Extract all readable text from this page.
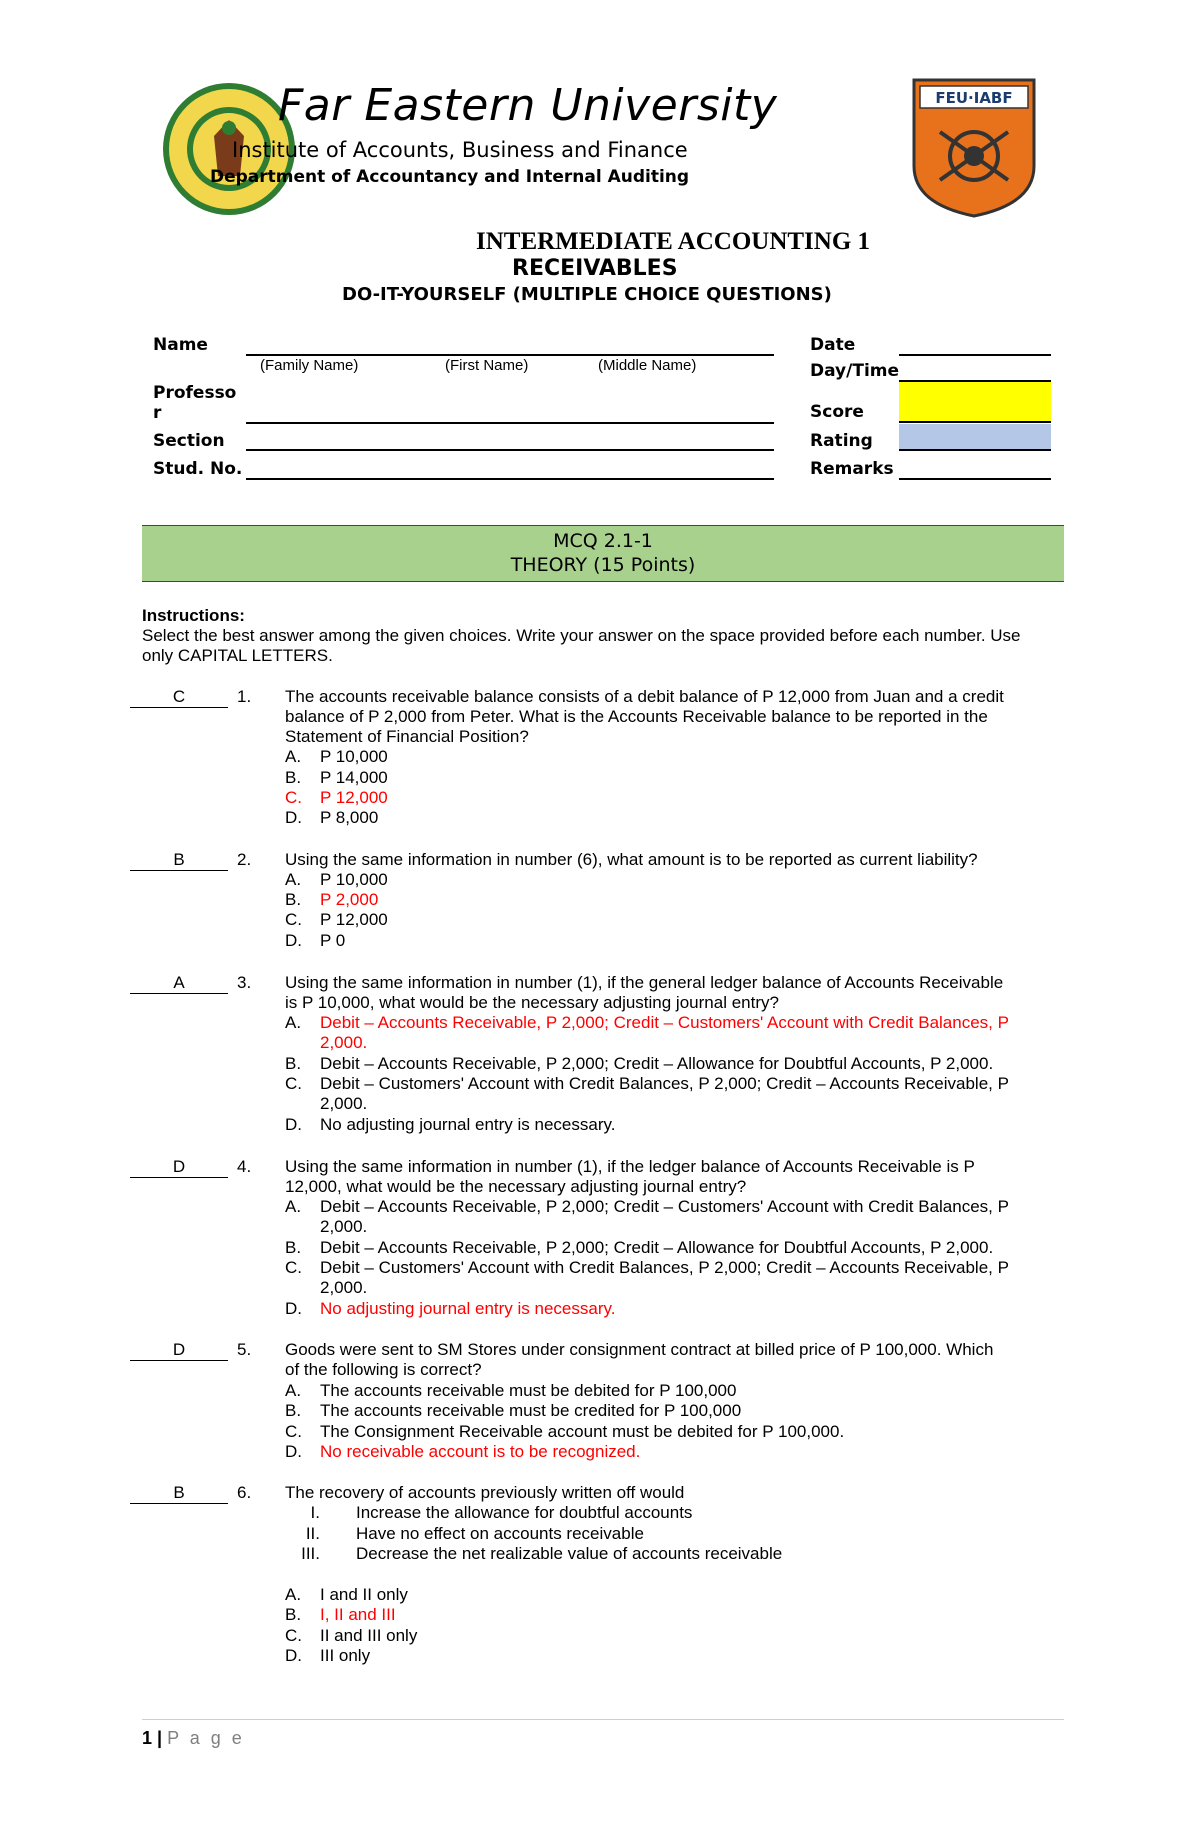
Far Eastern University
Institute of Accounts, Business and Finance
Department of Accountancy and Internal Auditing
FEU·IABF
INTERMEDIATE ACCOUNTING 1
RECEIVABLES
DO-IT-YOURSELF (MULTIPLE CHOICE QUESTIONS)
Name
(Family Name)	(First Name)	(Middle Name)
Professo
r
Section
Stud. No.
Date
Day/Time
Score
Rating
Remarks
MCQ 2.1-1
THEORY (15 Points)
Instructions:
Select the best answer among the given choices. Write your answer on the space provided before each number. Use
only CAPITAL LETTERS.
C	1. The accounts receivable balance consists of a debit balance of P 12,000 from Juan and a credit
balance of P 2,000 from Peter. What is the Accounts Receivable balance to be reported in the
Statement of Financial Position?
A. P 10,000
B. P 14,000
C. P 12,000
D. P 8,000
B	2. Using the same information in number (6), what amount is to be reported as current liability?
A. P 10,000
B. P 2,000
C. P 12,000
D. P 0
A	3. Using the same information in number (1), if the general ledger balance of Accounts Receivable
is P 10,000, what would be the necessary adjusting journal entry?
A. Debit – Accounts Receivable, P 2,000; Credit – Customers' Account with Credit Balances, P
2,000.
B. Debit – Accounts Receivable, P 2,000; Credit – Allowance for Doubtful Accounts, P 2,000.
C. Debit – Customers' Account with Credit Balances, P 2,000; Credit – Accounts Receivable, P
2,000.
D. No adjusting journal entry is necessary.
D	4. Using the same information in number (1), if the ledger balance of Accounts Receivable is P
12,000, what would be the necessary adjusting journal entry?
A. Debit – Accounts Receivable, P 2,000; Credit – Customers' Account with Credit Balances, P
2,000.
B. Debit – Accounts Receivable, P 2,000; Credit – Allowance for Doubtful Accounts, P 2,000.
C. Debit – Customers' Account with Credit Balances, P 2,000; Credit – Accounts Receivable, P
2,000.
D. No adjusting journal entry is necessary.
D	5. Goods were sent to SM Stores under consignment contract at billed price of P 100,000. Which
of the following is correct?
A. The accounts receivable must be debited for P 100,000
B. The accounts receivable must be credited for P 100,000
C. The Consignment Receivable account must be debited for P 100,000.
D. No receivable account is to be recognized.
B	6. The recovery of accounts previously written off would
I. Increase the allowance for doubtful accounts
II. Have no effect on accounts receivable
III. Decrease the net realizable value of accounts receivable
A. I and II only
B. I, II and III
C. II and III only
D. III only
1 | P a g e
